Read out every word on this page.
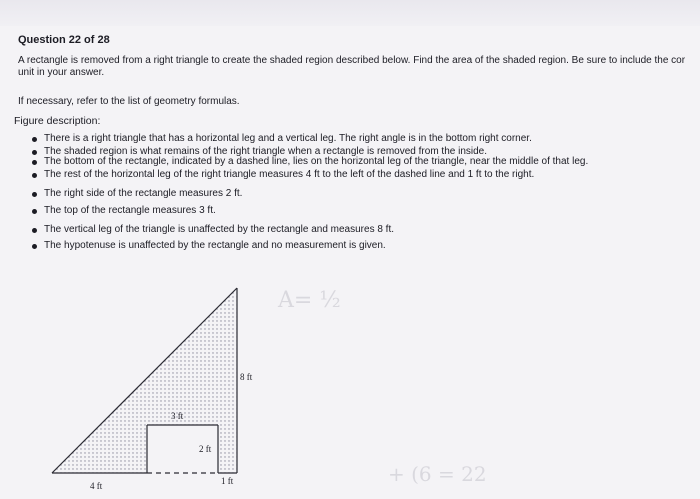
Question 22 of 28
A rectangle is removed from a right triangle to create the shaded region described below. Find the area of the shaded region. Be sure to include the cor
unit in your answer.
If necessary, refer to the list of geometry formulas.
Figure description:
There is a right triangle that has a horizontal leg and a vertical leg. The right angle is in the bottom right corner.
The shaded region is what remains of the right triangle when a rectangle is removed from the inside.
The bottom of the rectangle, indicated by a dashed line, lies on the horizontal leg of the triangle, near the middle of that leg.
The rest of the horizontal leg of the right triangle measures 4 ft to the left of the dashed line and 1 ft to the right.
The right side of the rectangle measures 2 ft.
The top of the rectangle measures 3 ft.
The vertical leg of the triangle is unaffected by the rectangle and measures 8 ft.
The hypotenuse is unaffected by the rectangle and no measurement is given.
A= ½
+ (6 = 22
8 ft
3 ft
2 ft
4 ft	1 ft
